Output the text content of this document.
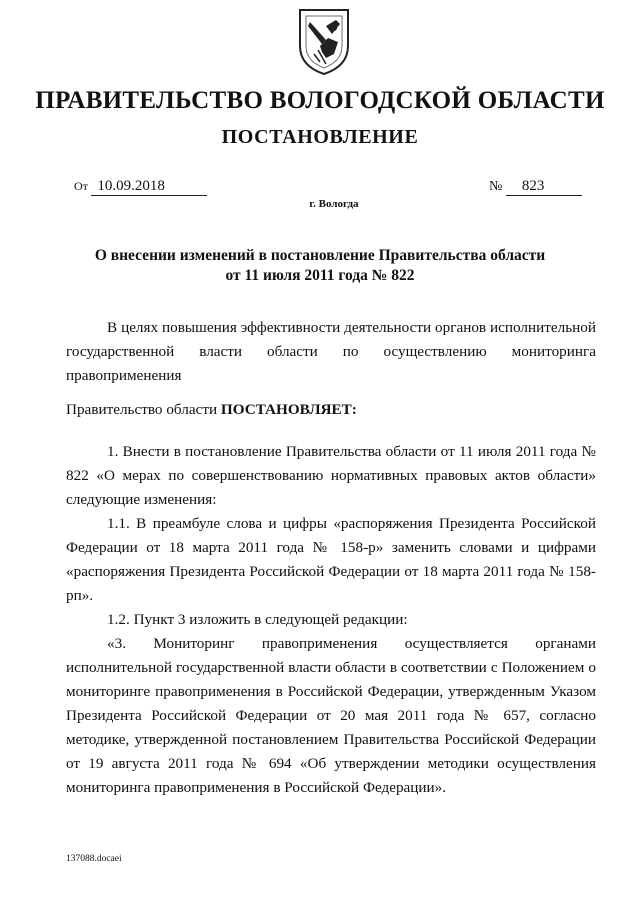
ПРАВИТЕЛЬСТВО ВОЛОГОДСКОЙ ОБЛАСТИ
ПОСТАНОВЛЕНИЕ
От 10.09.2018	№ 823
г. Вологда
О внесении изменений в постановление Правительства области
от 11 июля 2011 года № 822

В целях повышения эффективности деятельности органов исполнительной государственной власти области по осуществлению мониторинга правоприменения

Правительство области ПОСТАНОВЛЯЕТ:

1. Внести в постановление Правительства области от 11 июля 2011 года № 822 «О мерах по совершенствованию нормативных правовых актов области» следующие изменения:

1.1. В преамбуле слова и цифры «распоряжения Президента Российской Федерации от 18 марта 2011 года № 158-р» заменить словами и цифрами «распоряжения Президента Российской Федерации от 18 марта 2011 года № 158-рп».

1.2. Пункт 3 изложить в следующей редакции:

«3. Мониторинг правоприменения осуществляется органами исполнительной государственной власти области в соответствии с Положением о мониторинге правоприменения в Российской Федерации, утвержденным Указом Президента Российской Федерации от 20 мая 2011 года № 657, согласно методике, утвержденной постановлением Правительства Российской Федерации от 19 августа 2011 года № 694 «Об утверждении методики осуществления мониторинга правоприменения в Российской Федерации».

137088.docaei
